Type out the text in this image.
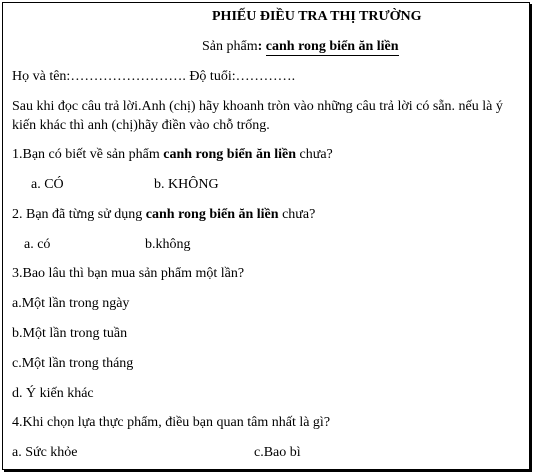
PHIẾU ĐIỀU TRA THỊ TRƯỜNG
Sản phẩm: canh rong biển ăn liền
Họ và tên:……………………. Độ tuổi:………….
Sau khi đọc câu trả lời.Anh (chị) hãy khoanh tròn vào những câu trả lời có sẵn. nếu là ý
kiến khác thì anh (chị)hãy điền vào chỗ trống.
1.Bạn có biết về sản phẩm canh rong biển ăn liền chưa?
a. CÓ	b. KHÔNG
2. Bạn đã từng sử dụng canh rong biển ăn liền chưa?
a. có	b.không
3.Bao lâu thì bạn mua sản phẩm một lần?
a.Một lần trong ngày
b.Một lần trong tuần
c.Một lần trong tháng
d. Ý kiến khác
4.Khi chọn lựa thực phẩm, điều bạn quan tâm nhất là gì?
a. Sức khỏe	c.Bao bì
